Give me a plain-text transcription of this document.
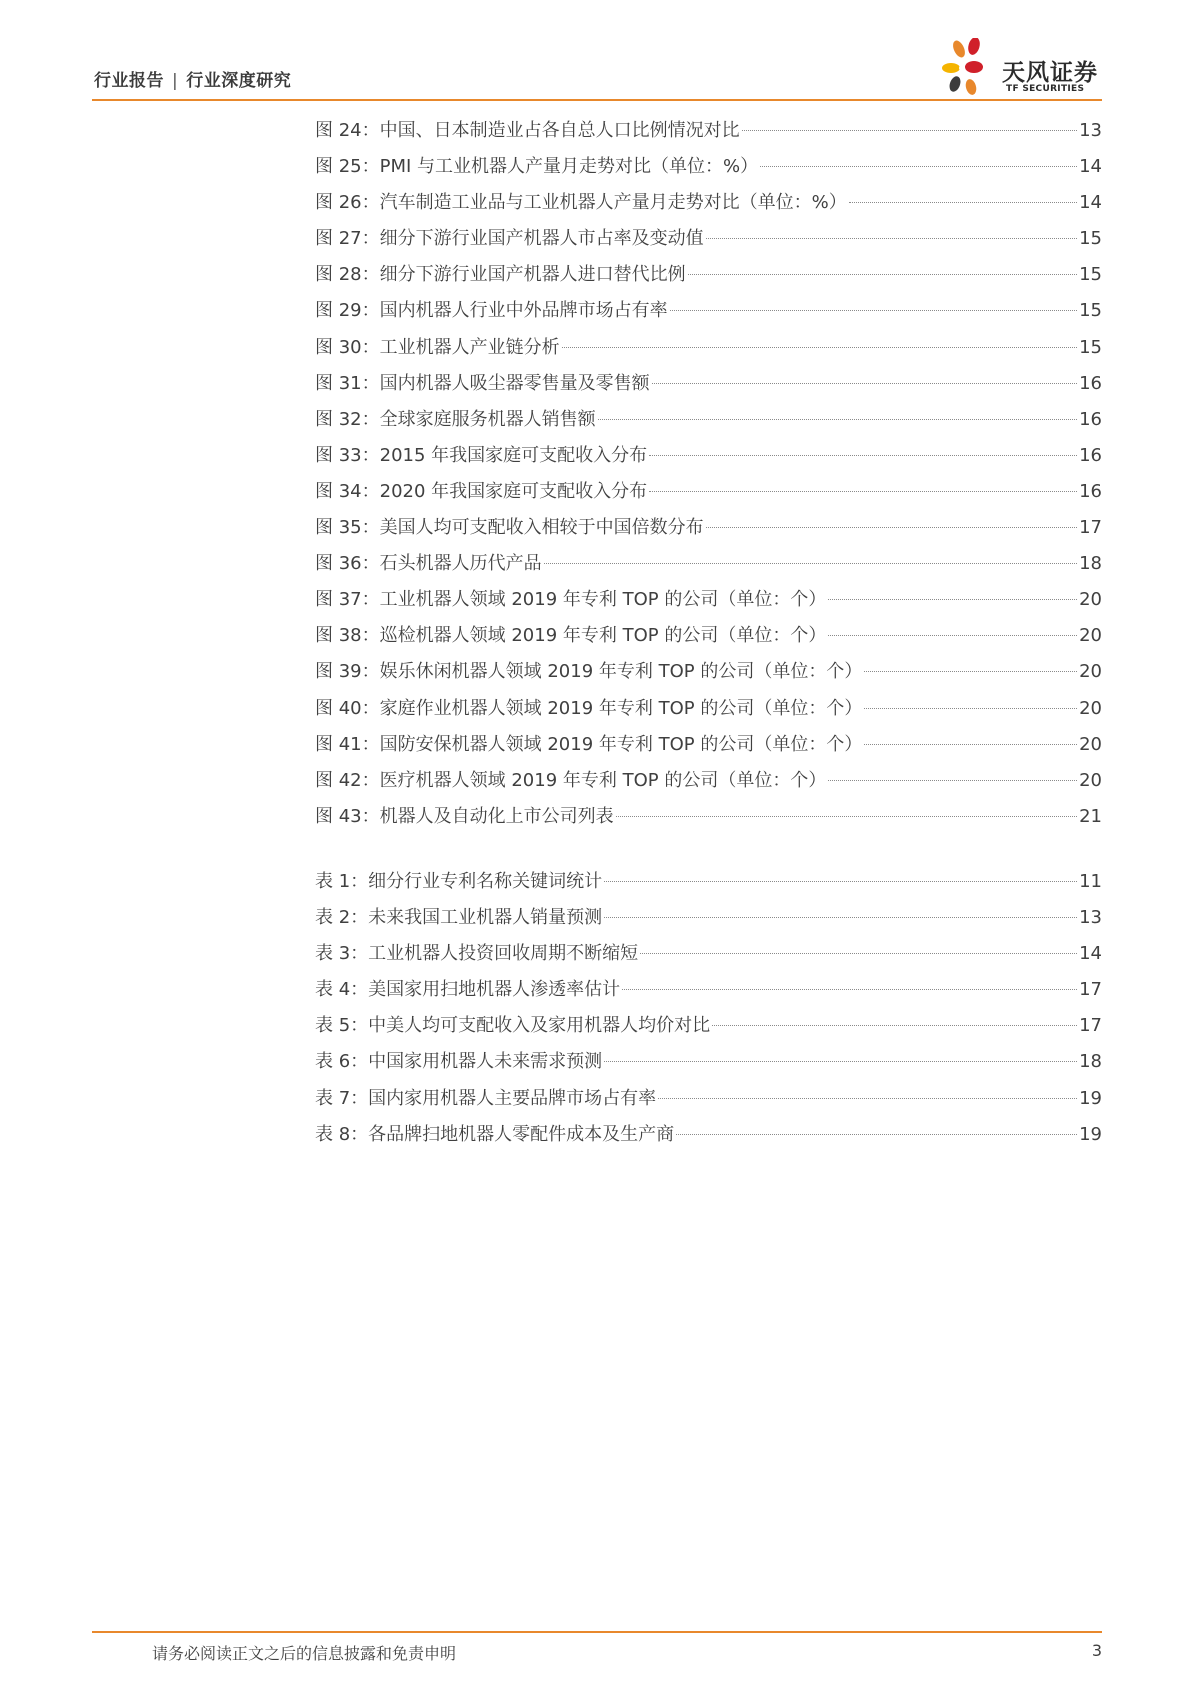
行业报告 | 行业深度研究	天风证券
TF SECURITIES
图 24：中国、日本制造业占各自总人口比例情况对比	13
图 25：PMI 与工业机器人产量月走势对比（单位：%）	14
图 26：汽车制造工业品与工业机器人产量月走势对比（单位：%）	14
图 27：细分下游行业国产机器人市占率及变动值	15
图 28：细分下游行业国产机器人进口替代比例	15
图 29：国内机器人行业中外品牌市场占有率	15
图 30：工业机器人产业链分析	15
图 31：国内机器人吸尘器零售量及零售额	16
图 32：全球家庭服务机器人销售额	16
图 33：2015 年我国家庭可支配收入分布	16
图 34：2020 年我国家庭可支配收入分布	16
图 35：美国人均可支配收入相较于中国倍数分布	17
图 36：石头机器人历代产品	18
图 37：工业机器人领域 2019 年专利 TOP 的公司（单位：个）	20
图 38：巡检机器人领域 2019 年专利 TOP 的公司（单位：个）	20
图 39：娱乐休闲机器人领域 2019 年专利 TOP 的公司（单位：个）	20
图 40：家庭作业机器人领域 2019 年专利 TOP 的公司（单位：个）	20
图 41：国防安保机器人领域 2019 年专利 TOP 的公司（单位：个）	20
图 42：医疗机器人领域 2019 年专利 TOP 的公司（单位：个）	20
图 43：机器人及自动化上市公司列表	21
表 1：细分行业专利名称关键词统计	11
表 2：未来我国工业机器人销量预测	13
表 3：工业机器人投资回收周期不断缩短	14
表 4：美国家用扫地机器人渗透率估计	17
表 5：中美人均可支配收入及家用机器人均价对比	17
表 6：中国家用机器人未来需求预测	18
表 7：国内家用机器人主要品牌市场占有率	19
表 8：各品牌扫地机器人零配件成本及生产商	19
请务必阅读正文之后的信息披露和免责申明	3
